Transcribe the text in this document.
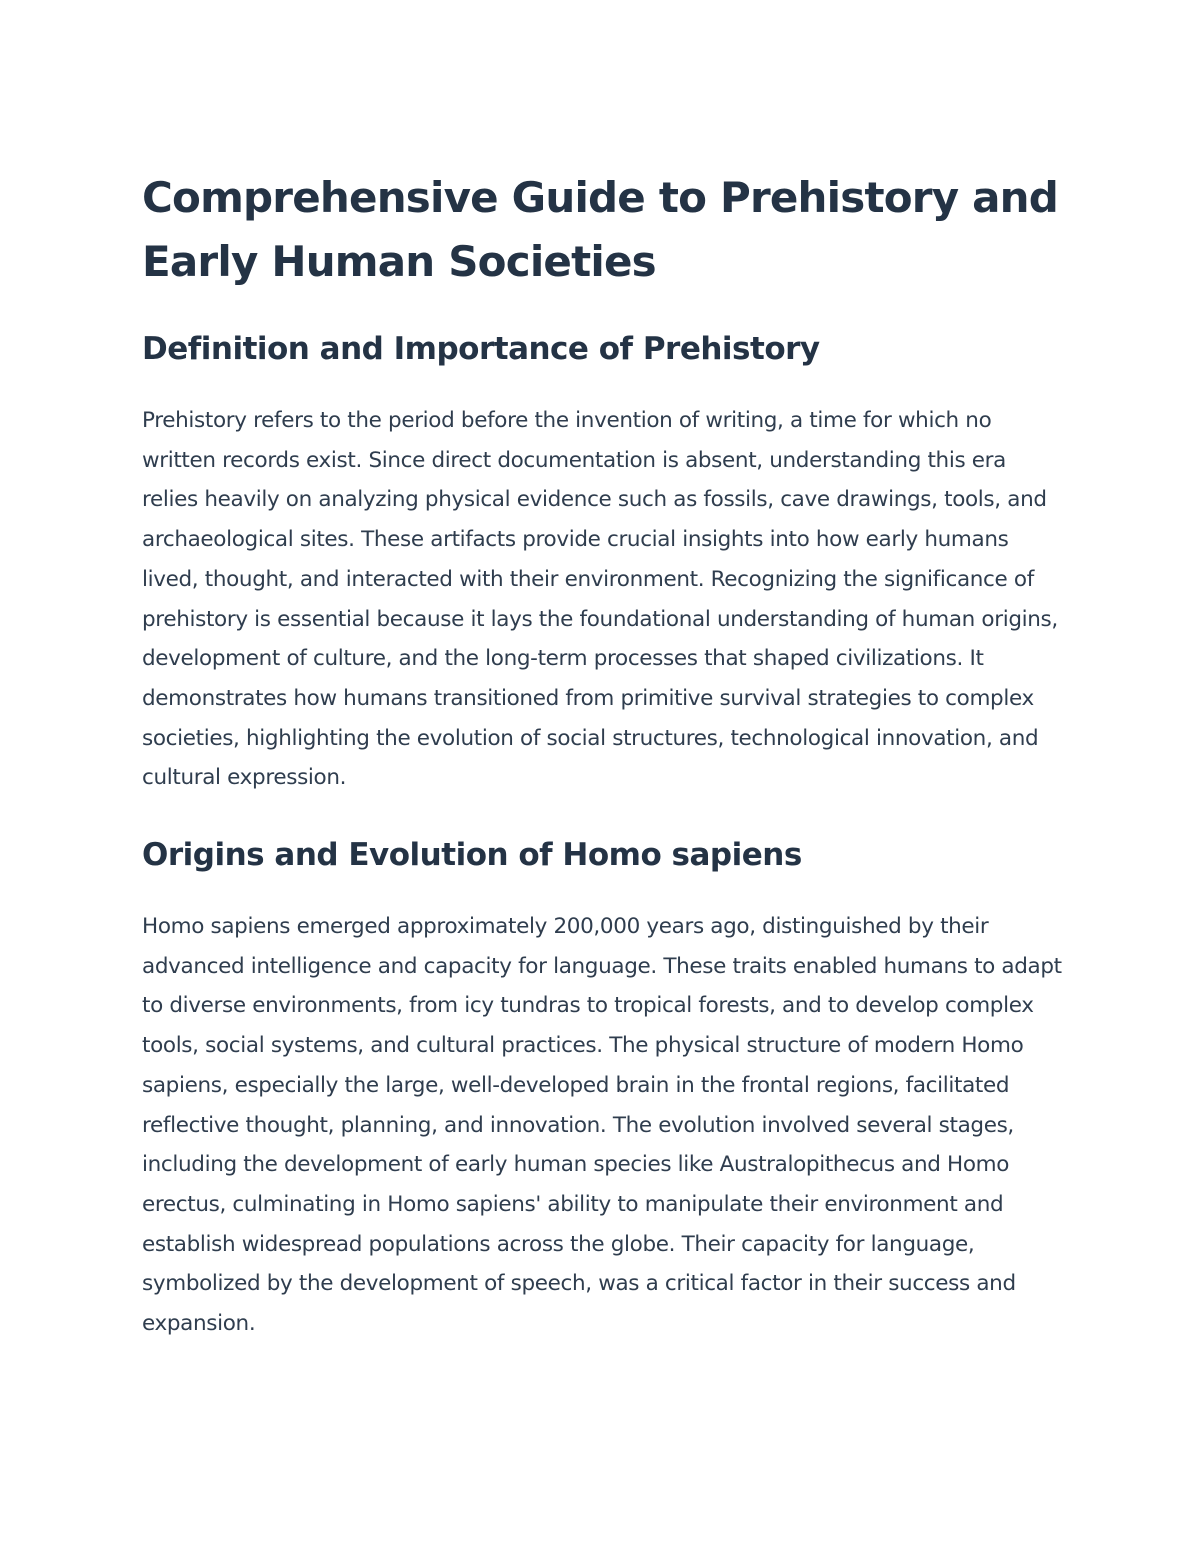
Comprehensive Guide to Prehistory and Early Human Societies
Definition and Importance of Prehistory

Prehistory refers to the period before the invention of writing, a time for which no written records exist. Since direct documentation is absent, understanding this era relies heavily on analyzing physical evidence such as fossils, cave drawings, tools, and archaeological sites. These artifacts provide crucial insights into how early humans lived, thought, and interacted with their environment. Recognizing the significance of prehistory is essential because it lays the foundational understanding of human origins, development of culture, and the long-term processes that shaped civilizations. It demonstrates how humans transitioned from primitive survival strategies to complex societies, highlighting the evolution of social structures, technological innovation, and cultural expression.

Origins and Evolution of Homo sapiens

Homo sapiens emerged approximately 200,000 years ago, distinguished by their advanced intelligence and capacity for language. These traits enabled humans to adapt to diverse environments, from icy tundras to tropical forests, and to develop complex tools, social systems, and cultural practices. The physical structure of modern Homo sapiens, especially the large, well-developed brain in the frontal regions, facilitated reflective thought, planning, and innovation. The evolution involved several stages, including the development of early human species like Australopithecus and Homo erectus, culminating in Homo sapiens' ability to manipulate their environment and establish widespread populations across the globe. Their capacity for language, symbolized by the development of speech, was a critical factor in their success and expansion.
